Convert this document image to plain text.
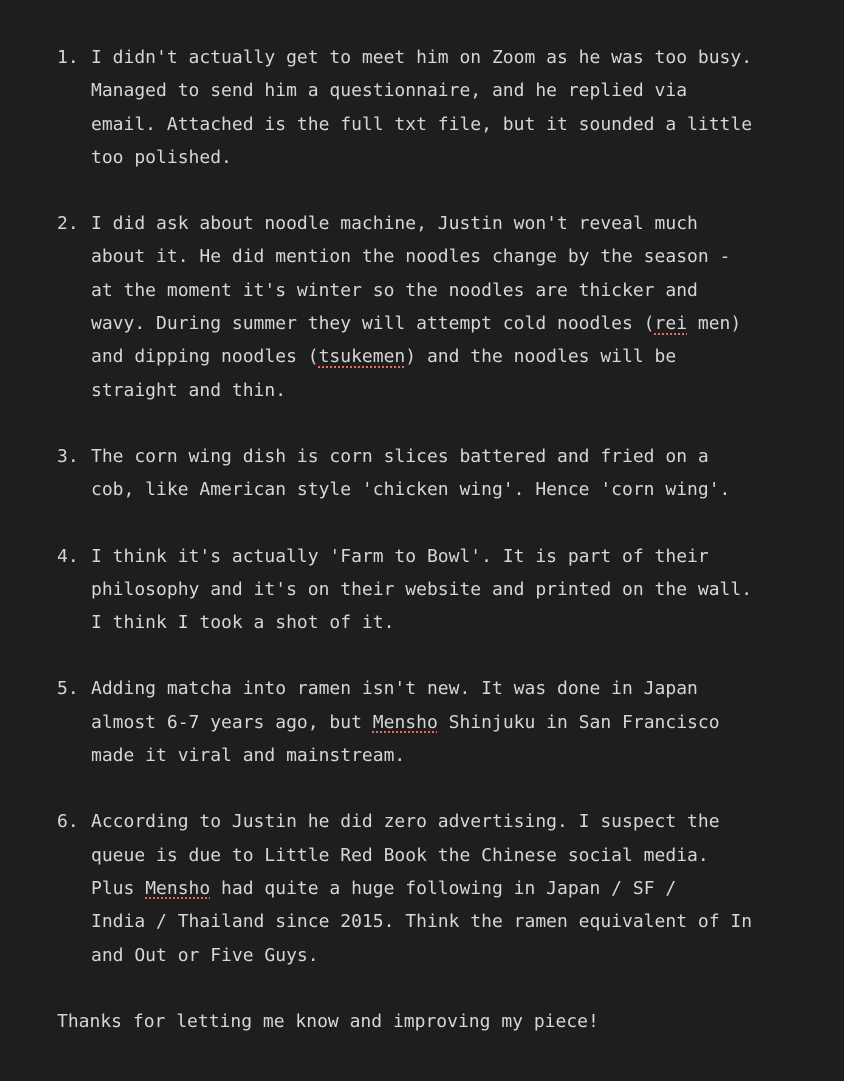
1. I didn't actually get to meet him on Zoom as he was too busy.
Managed to send him a questionnaire, and he replied via
email. Attached is the full txt file, but it sounded a little
too polished.
2. I did ask about noodle machine, Justin won't reveal much
about it. He did mention the noodles change by the season -
at the moment it's winter so the noodles are thicker and
wavy. During summer they will attempt cold noodles (rei men)
and dipping noodles (tsukemen) and the noodles will be
straight and thin.
3. The corn wing dish is corn slices battered and fried on a
cob, like American style 'chicken wing'. Hence 'corn wing'.
4. I think it's actually 'Farm to Bowl'. It is part of their
philosophy and it's on their website and printed on the wall.
I think I took a shot of it.
5. Adding matcha into ramen isn't new. It was done in Japan
almost 6-7 years ago, but Mensho Shinjuku in San Francisco
made it viral and mainstream.
6. According to Justin he did zero advertising. I suspect the
queue is due to Little Red Book the Chinese social media.
Plus Mensho had quite a huge following in Japan / SF /
India / Thailand since 2015. Think the ramen equivalent of In
and Out or Five Guys.

Thanks for letting me know and improving my piece!
